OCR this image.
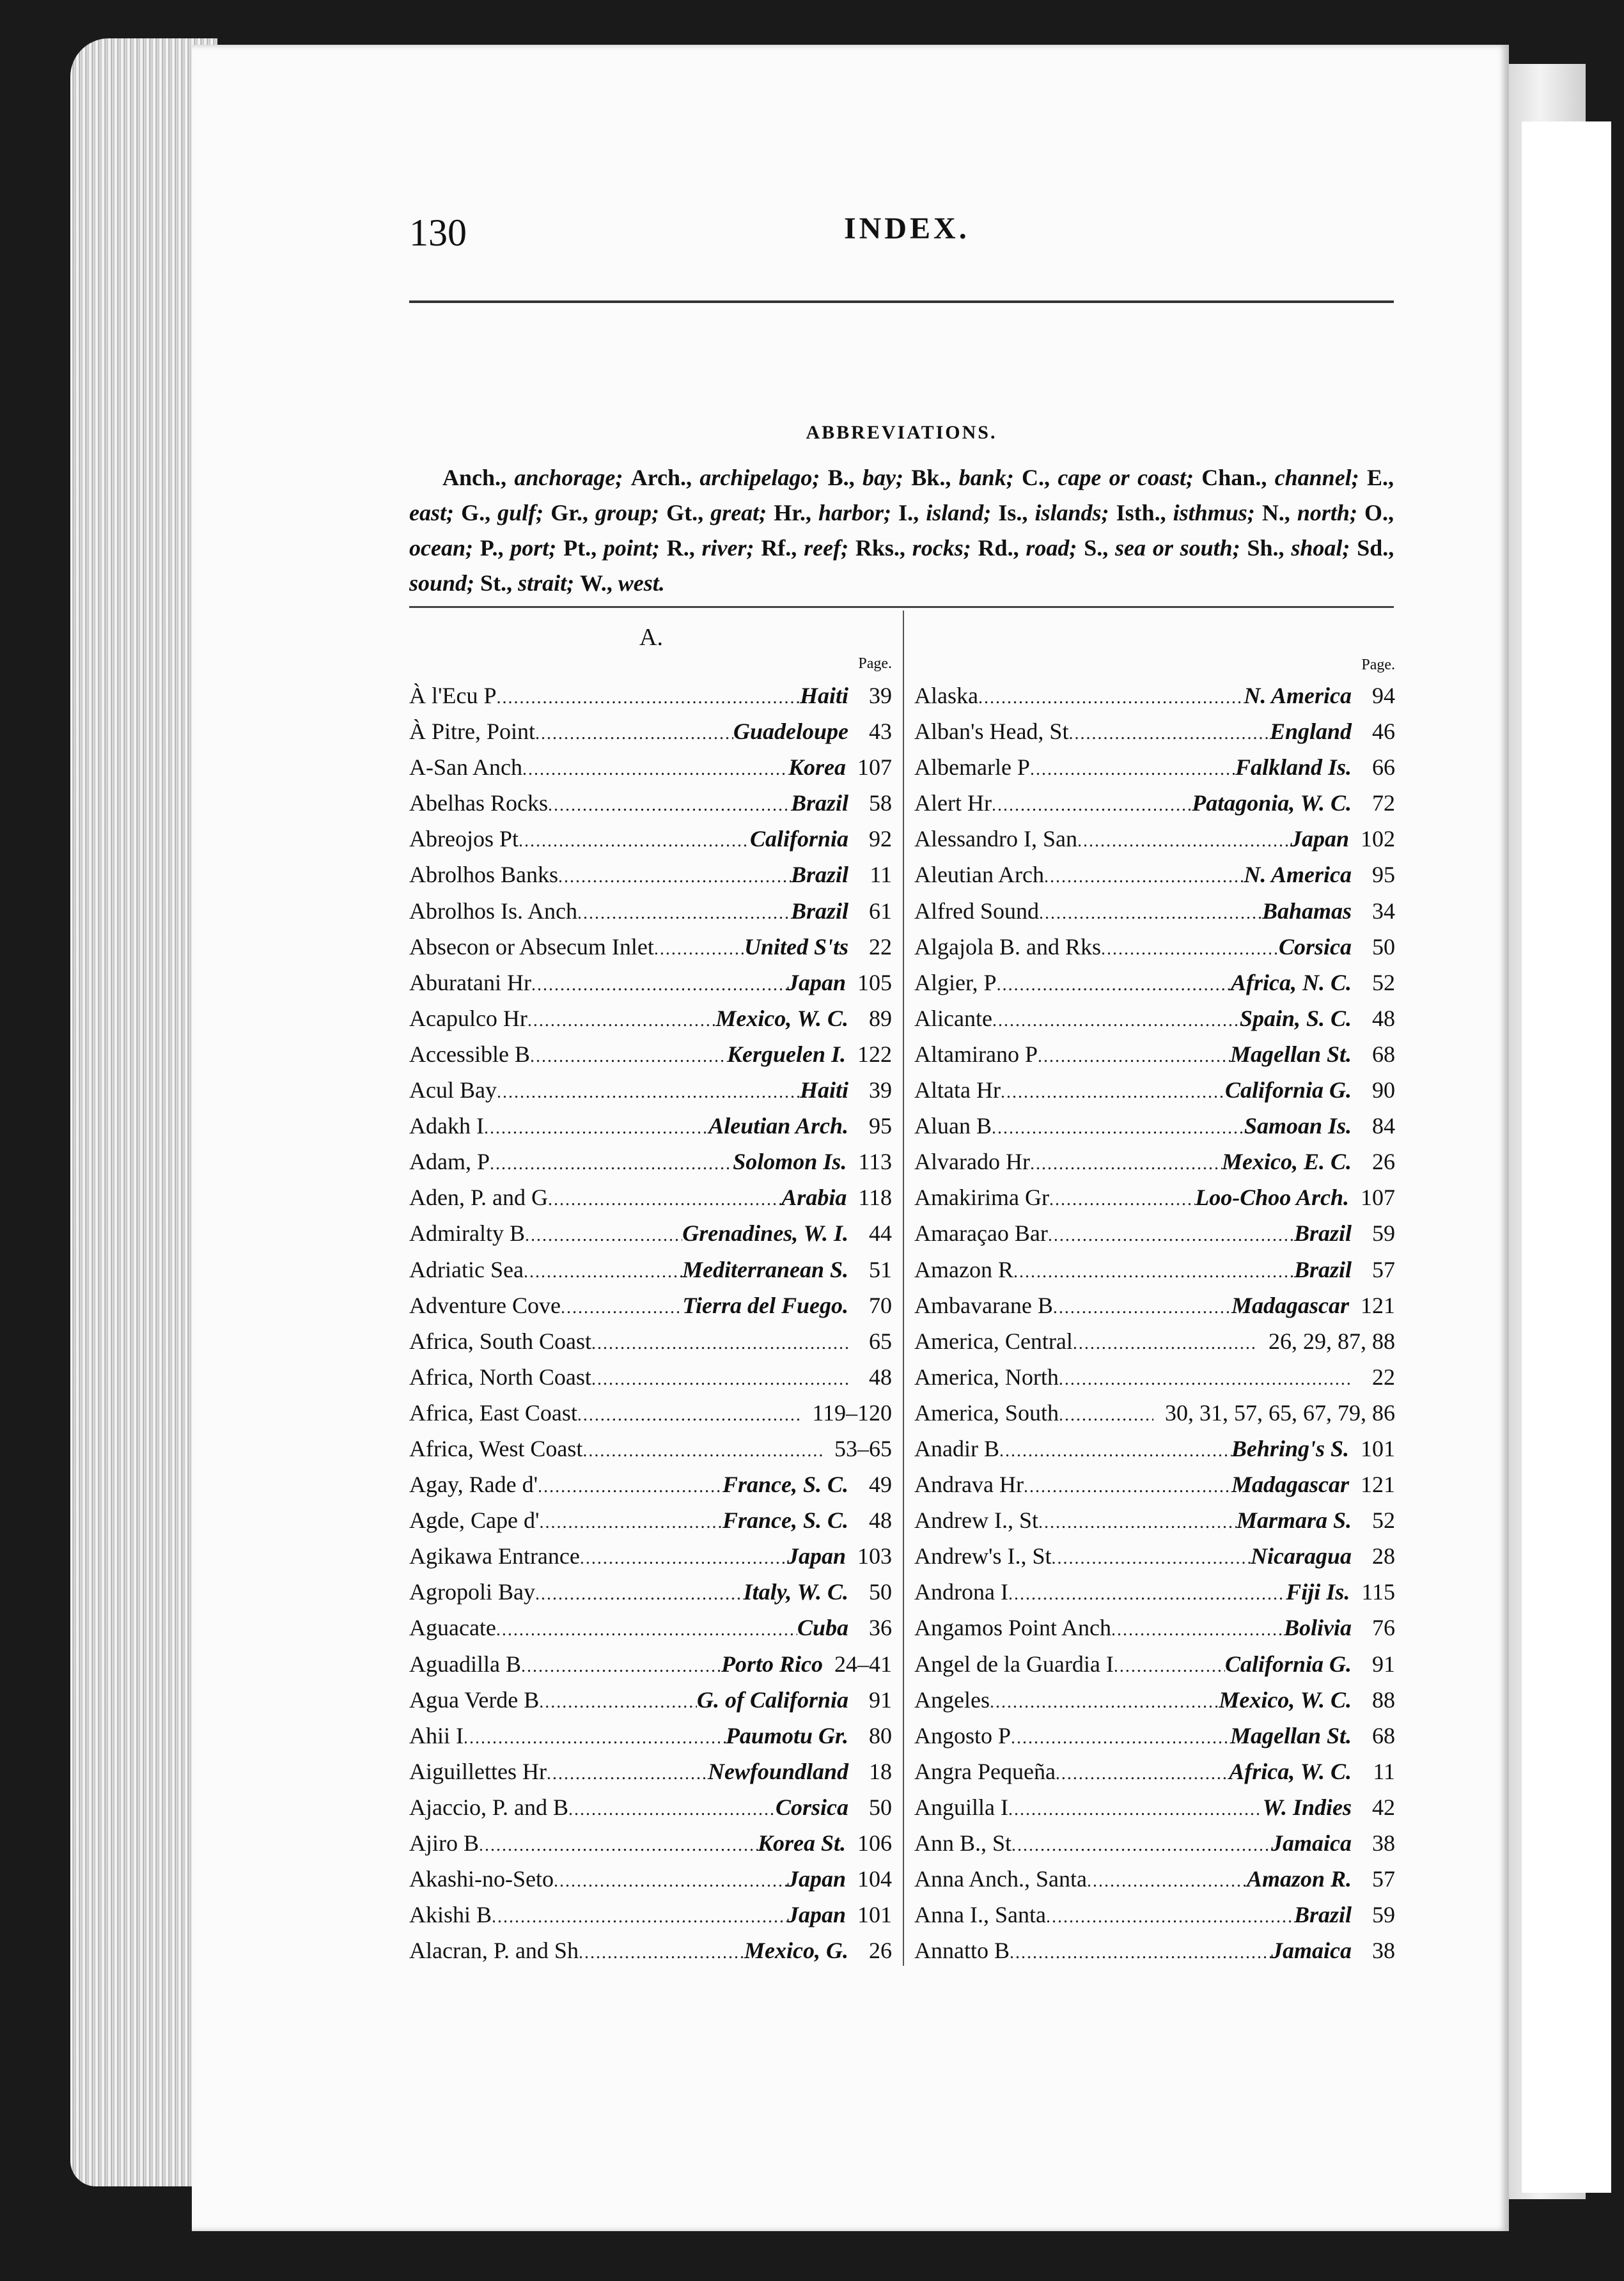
130	INDEX.
ABBREVIATIONS.
Anch., anchorage; Arch., archipelago; B., bay; Bk., bank; C., cape or coast; Chan., channel; E., east; G., gulf; Gr., group; Gt., great; Hr., harbor; I., island; Is., islands; Isth., isthmus; N., north; O., ocean; P., port; Pt., point; R., river; Rf., reef; Rks., rocks; Rd., road; S., sea or south; Sh., shoal; Sd., sound; St., strait; W., west.
A.
Page.
À l'Ecu P .....	Haiti 39
À Pitre, Point .....	Guadeloupe 43
A-San Anch .....	Korea 107
Abelhas Rocks .....	Brazil 58
Abreojos Pt .....	California 92
Abrolhos Banks .....	Brazil 11
Abrolhos Is. Anch .....	Brazil 61
Absecon or Absecum Inlet .....	United S'ts 22
Aburatani Hr .....	Japan 105
Acapulco Hr .....	Mexico, W. C. 89
Accessible B .....	Kerguelen I. 122
Acul Bay .....	Haiti 39
Adakh I .....	Aleutian Arch. 95
Adam, P .....	Solomon Is. 113
Aden, P. and G .....	Arabia 118
Admiralty B .....	Grenadines, W. I. 44
Adriatic Sea .....	Mediterranean S. 51
Adventure Cove .....	Tierra del Fuego. 70
Africa, South Coast .....	65
Africa, North Coast .....	48
Africa, East Coast .....	119–120
Africa, West Coast .....	53–65
Agay, Rade d' .....	France, S. C. 49
Agde, Cape d' .....	France, S. C. 48
Agikawa Entrance .....	Japan 103
Agropoli Bay .....	Italy, W. C. 50
Aguacate .....	Cuba 36
Aguadilla B .....	Porto Rico 24–41
Agua Verde B .....	G. of California 91
Ahii I .....	Paumotu Gr. 80
Aiguillettes Hr .....	Newfoundland 18
Ajaccio, P. and B .....	Corsica 50
Ajiro B .....	Korea St. 106
Akashi-no-Seto .....	Japan 104
Akishi B .....	Japan 101
Alacran, P. and Sh .....	Mexico, G. 26
Page.
Alaska .....	N. America 94
Alban's Head, St .....	England 46
Albemarle P .....	Falkland Is. 66
Alert Hr .....	Patagonia, W. C. 72
Alessandro I, San .....	Japan 102
Aleutian Arch .....	N. America 95
Alfred Sound .....	Bahamas 34
Algajola B. and Rks .....	Corsica 50
Algier, P .....	Africa, N. C. 52
Alicante .....	Spain, S. C. 48
Altamirano P .....	Magellan St. 68
Altata Hr .....	California G. 90
Aluan B .....	Samoan Is. 84
Alvarado Hr .....	Mexico, E. C. 26
Amakirima Gr .....	Loo-Choo Arch. 107
Amaraçao Bar .....	Brazil 59
Amazon R .....	Brazil 57
Ambavarane B .....	Madagascar 121
America, Central .....	26, 29, 87, 88
America, North .....	22
America, South .....	30, 31, 57, 65, 67, 79, 86
Anadir B .....	Behring's S. 101
Andrava Hr .....	Madagascar 121
Andrew I., St .....	Marmara S. 52
Andrew's I., St .....	Nicaragua 28
Androna I .....	Fiji Is. 115
Angamos Point Anch .....	Bolivia 76
Angel de la Guardia I .....	California G. 91
Angeles .....	Mexico, W. C. 88
Angosto P .....	Magellan St. 68
Angra Pequeña .....	Africa, W. C. 11
Anguilla I .....	W. Indies 42
Ann B., St .....	Jamaica 38
Anna Anch., Santa .....	Amazon R. 57
Anna I., Santa .....	Brazil 59
Annatto B .....	Jamaica 38
